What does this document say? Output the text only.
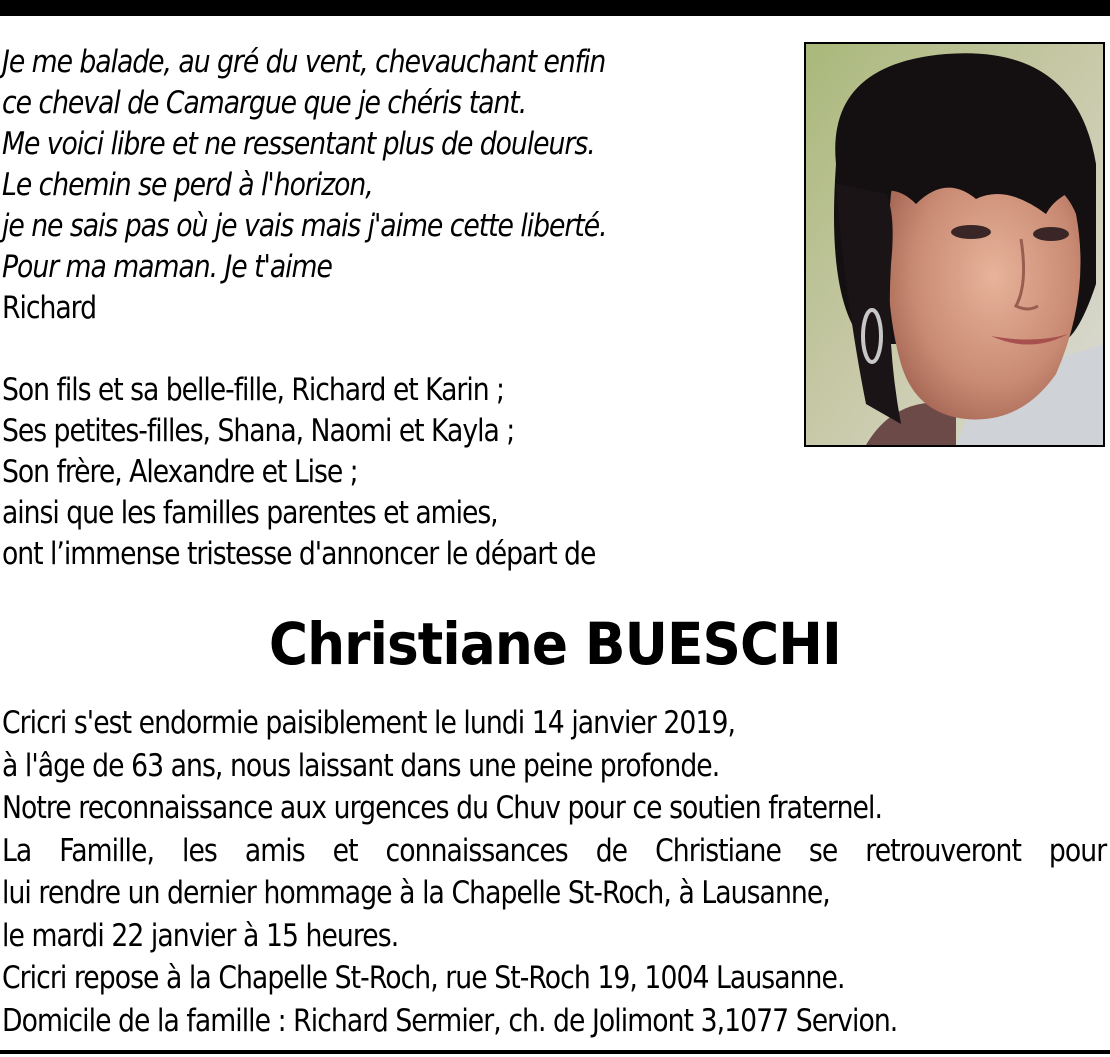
Je me balade, au gré du vent, chevauchant enfin
ce cheval de Camargue que je chéris tant.
Me voici libre et ne ressentant plus de douleurs.
Le chemin se perd à l'horizon,
je ne sais pas où je vais mais j'aime cette liberté.
Pour ma maman. Je t'aime
Richard
Son fils et sa belle-fille, Richard et Karin ;
Ses petites-filles, Shana, Naomi et Kayla ;
Son frère, Alexandre et Lise ;
ainsi que les familles parentes et amies,
ont l’immense tristesse d'annoncer le départ de
Christiane BUESCHI
Cricri s'est endormie paisiblement le lundi 14 janvier 2019,
à l'âge de 63 ans, nous laissant dans une peine profonde.
Notre reconnaissance aux urgences du Chuv pour ce soutien fraternel.
La Famille, les amis et connaissances de Christiane se retrouveront pour
lui rendre un dernier hommage à la Chapelle St-Roch, à Lausanne,
le mardi 22 janvier à 15 heures.
Cricri repose à la Chapelle St-Roch, rue St-Roch 19, 1004 Lausanne.
Domicile de la famille : Richard Sermier, ch. de Jolimont 3,1077 Servion.
